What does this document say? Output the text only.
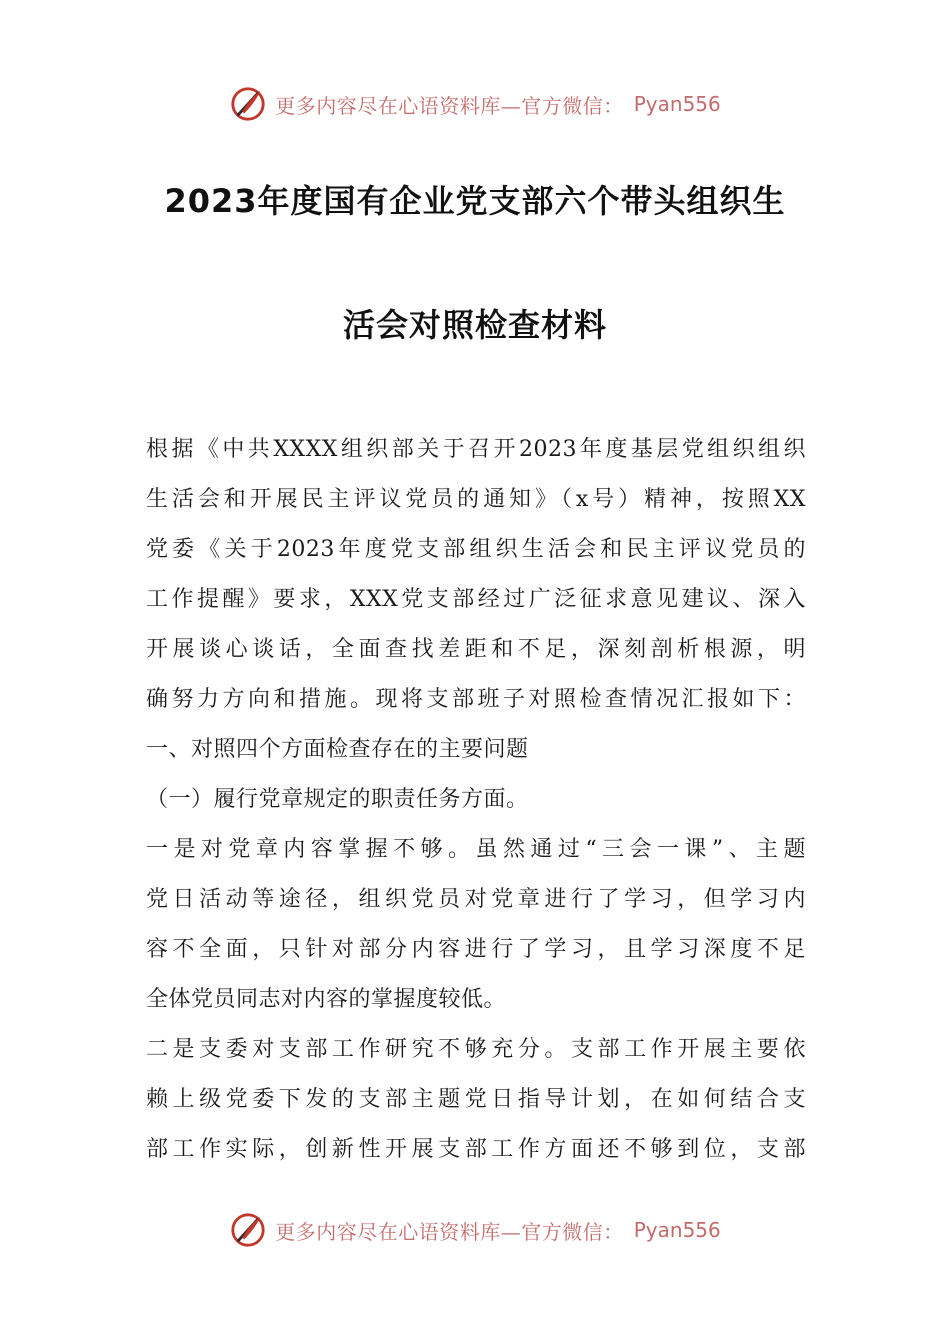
更多内容尽在心语资料库—官方微信： Pyan556
2023年度国有企业党支部六个带头组织生
活会对照检查材料
根据《中共XXXX组织部关于召开2023年度基层党组织组织
生活会和开展民主评议党员的通知》（x号）精神，按照XX
党委《关于2023年度党支部组织生活会和民主评议党员的
工作提醒》要求，XXX党支部经过广泛征求意见建议、深入
开展谈心谈话，全面查找差距和不足，深刻剖析根源，明
确努力方向和措施。现将支部班子对照检查情况汇报如下：
一、对照四个方面检查存在的主要问题
（一）履行党章规定的职责任务方面。
一是对党章内容掌握不够。虽然通过“三会一课”、主题
党日活动等途径，组织党员对党章进行了学习，但学习内
容不全面，只针对部分内容进行了学习，且学习深度不足
全体党员同志对内容的掌握度较低。
二是支委对支部工作研究不够充分。支部工作开展主要依
赖上级党委下发的支部主题党日指导计划，在如何结合支
部工作实际，创新性开展支部工作方面还不够到位，支部
更多内容尽在心语资料库—官方微信： Pyan556
